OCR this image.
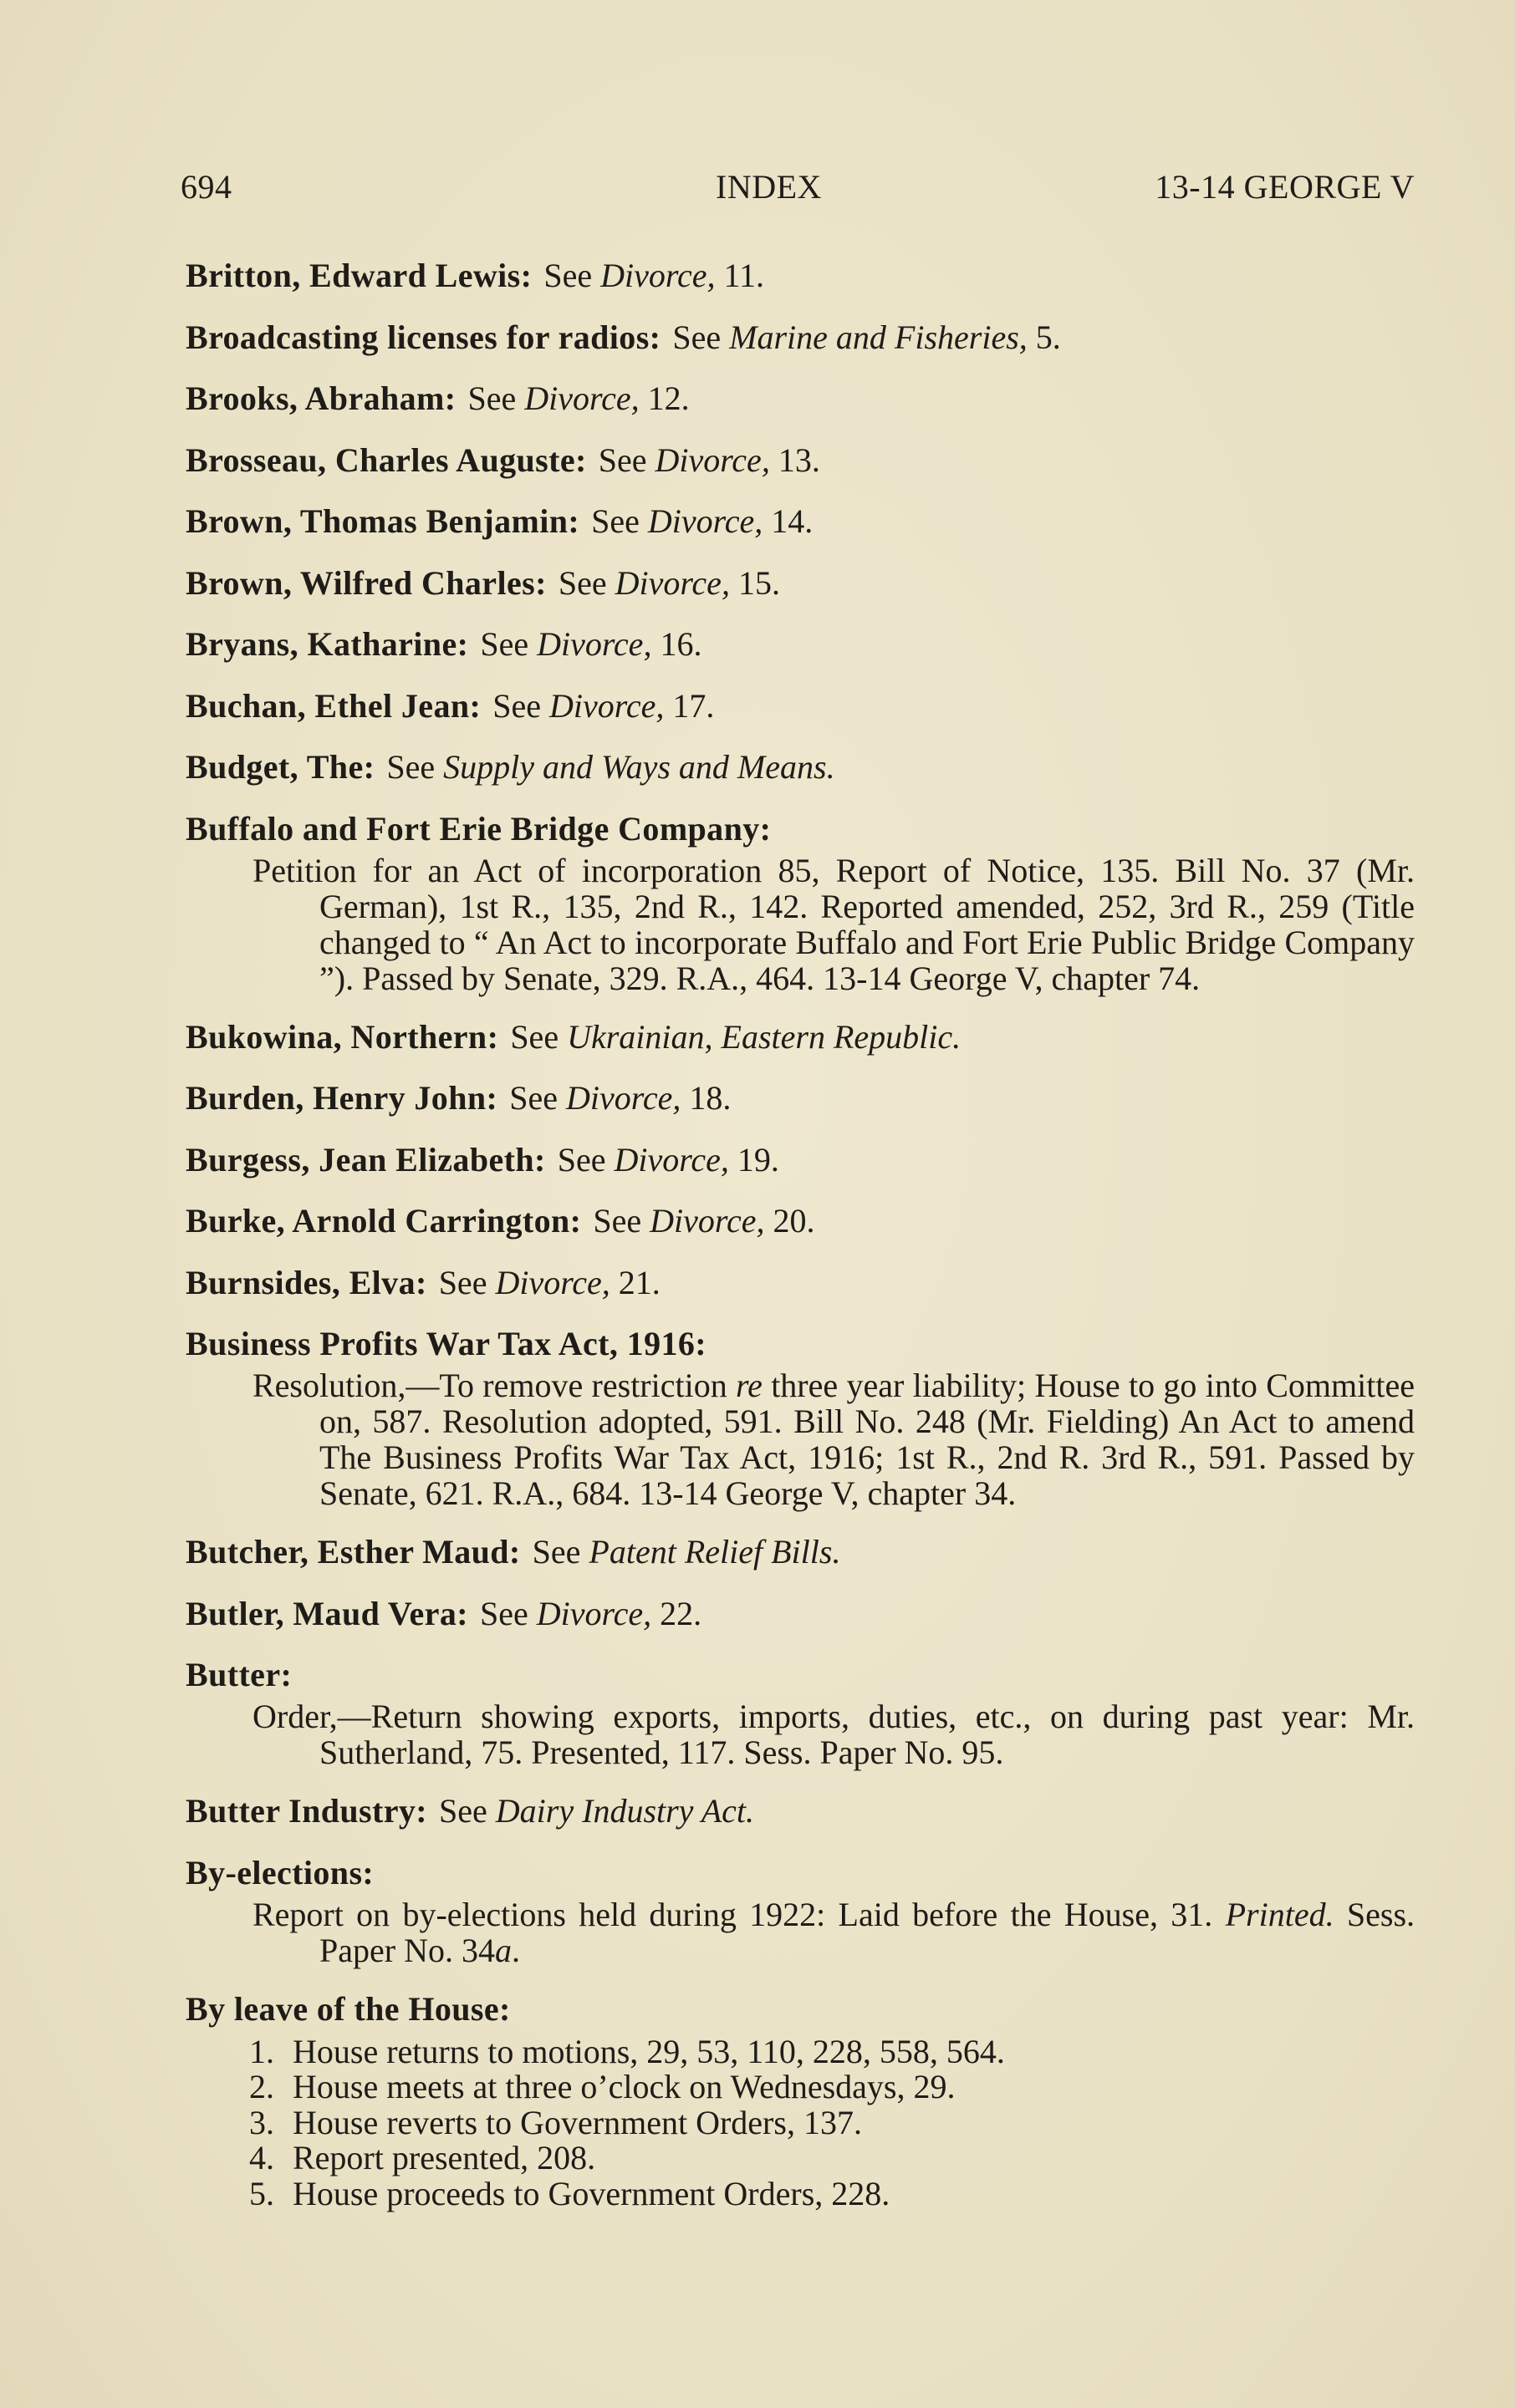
694	INDEX	13-14 GEORGE V
Britton, Edward Lewis: See Divorce, 11.
Broadcasting licenses for radios: See Marine and Fisheries, 5.
Brooks, Abraham: See Divorce, 12.
Brosseau, Charles Auguste: See Divorce, 13.
Brown, Thomas Benjamin: See Divorce, 14.
Brown, Wilfred Charles: See Divorce, 15.
Bryans, Katharine: See Divorce, 16.
Buchan, Ethel Jean: See Divorce, 17.
Budget, The: See Supply and Ways and Means.
Buffalo and Fort Erie Bridge Company:
Petition for an Act of incorporation 85, Report of Notice, 135. Bill No. 37 (Mr. German), 1st R., 135, 2nd R., 142. Reported amended, 252, 3rd R., 259 (Title changed to “ An Act to incorporate Buffalo and Fort Erie Public Bridge Company ”). Passed by Senate, 329. R.A., 464. 13-14 George V, chapter 74.
Bukowina, Northern: See Ukrainian, Eastern Republic.
Burden, Henry John: See Divorce, 18.
Burgess, Jean Elizabeth: See Divorce, 19.
Burke, Arnold Carrington: See Divorce, 20.
Burnsides, Elva: See Divorce, 21.
Business Profits War Tax Act, 1916:
Resolution,—To remove restriction re three year liability; House to go into Committee on, 587. Resolution adopted, 591. Bill No. 248 (Mr. Fielding) An Act to amend The Business Profits War Tax Act, 1916; 1st R., 2nd R. 3rd R., 591. Passed by Senate, 621. R.A., 684. 13-14 George V, chapter 34.
Butcher, Esther Maud: See Patent Relief Bills.
Butler, Maud Vera: See Divorce, 22.
Butter:
Order,—Return showing exports, imports, duties, etc., on during past year: Mr. Sutherland, 75. Presented, 117. Sess. Paper No. 95.
Butter Industry: See Dairy Industry Act.
By-elections:
Report on by-elections held during 1922: Laid before the House, 31. Printed. Sess. Paper No. 34a.
By leave of the House:
1. House returns to motions, 29, 53, 110, 228, 558, 564.
2. House meets at three o’clock on Wednesdays, 29.
3. House reverts to Government Orders, 137.
4. Report presented, 208.
5. House proceeds to Government Orders, 228.
